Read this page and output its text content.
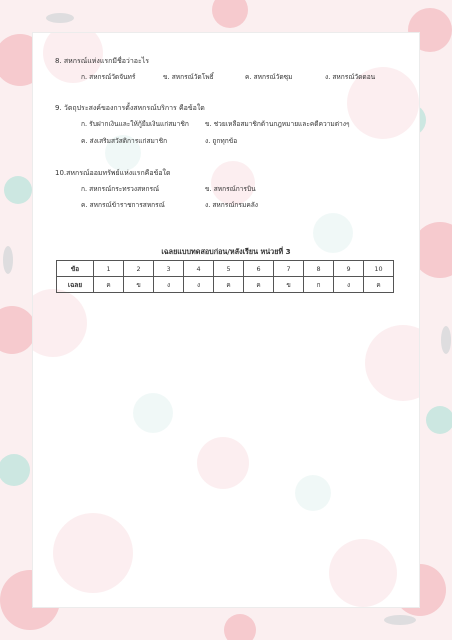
8. สหกรณ์แห่งแรกมีชื่อว่าอะไร
ก. สหกรณ์วัดจันทร์	ข. สหกรณ์วัดโพธิ์	ค. สหกรณ์วัดซุม	ง. สหกรณ์วัดดอน
9. วัตถุประสงค์ของการตั้งสหกรณ์บริการ คือข้อใด
ก. รับฝากเงินและให้กู้ยืมเงินแก่สมาชิก ข. ช่วยเหลือสมาชิกด้านกฎหมายและคดีความต่างๆ
ค. ส่งเสริมสวัสดิการแก่สมาชิก	ง. ถูกทุกข้อ
10.สหกรณ์ออมทรัพย์แห่งแรกคือข้อใด
ก. สหกรณ์กระทรวงสหกรณ์	ข. สหกรณ์การบิน
ค. สหกรณ์ข้าราชการสหกรณ์	ง. สหกรณ์กรมคลัง
เฉลยแบบทดสอบก่อน/หลังเรียน หน่วยที่ 3
ข้อ	1	2	3	4	5	6	7	8	9	10
เฉลย	ค	ข	ง	ง	ค	ค	ข	ก	ง	ค
